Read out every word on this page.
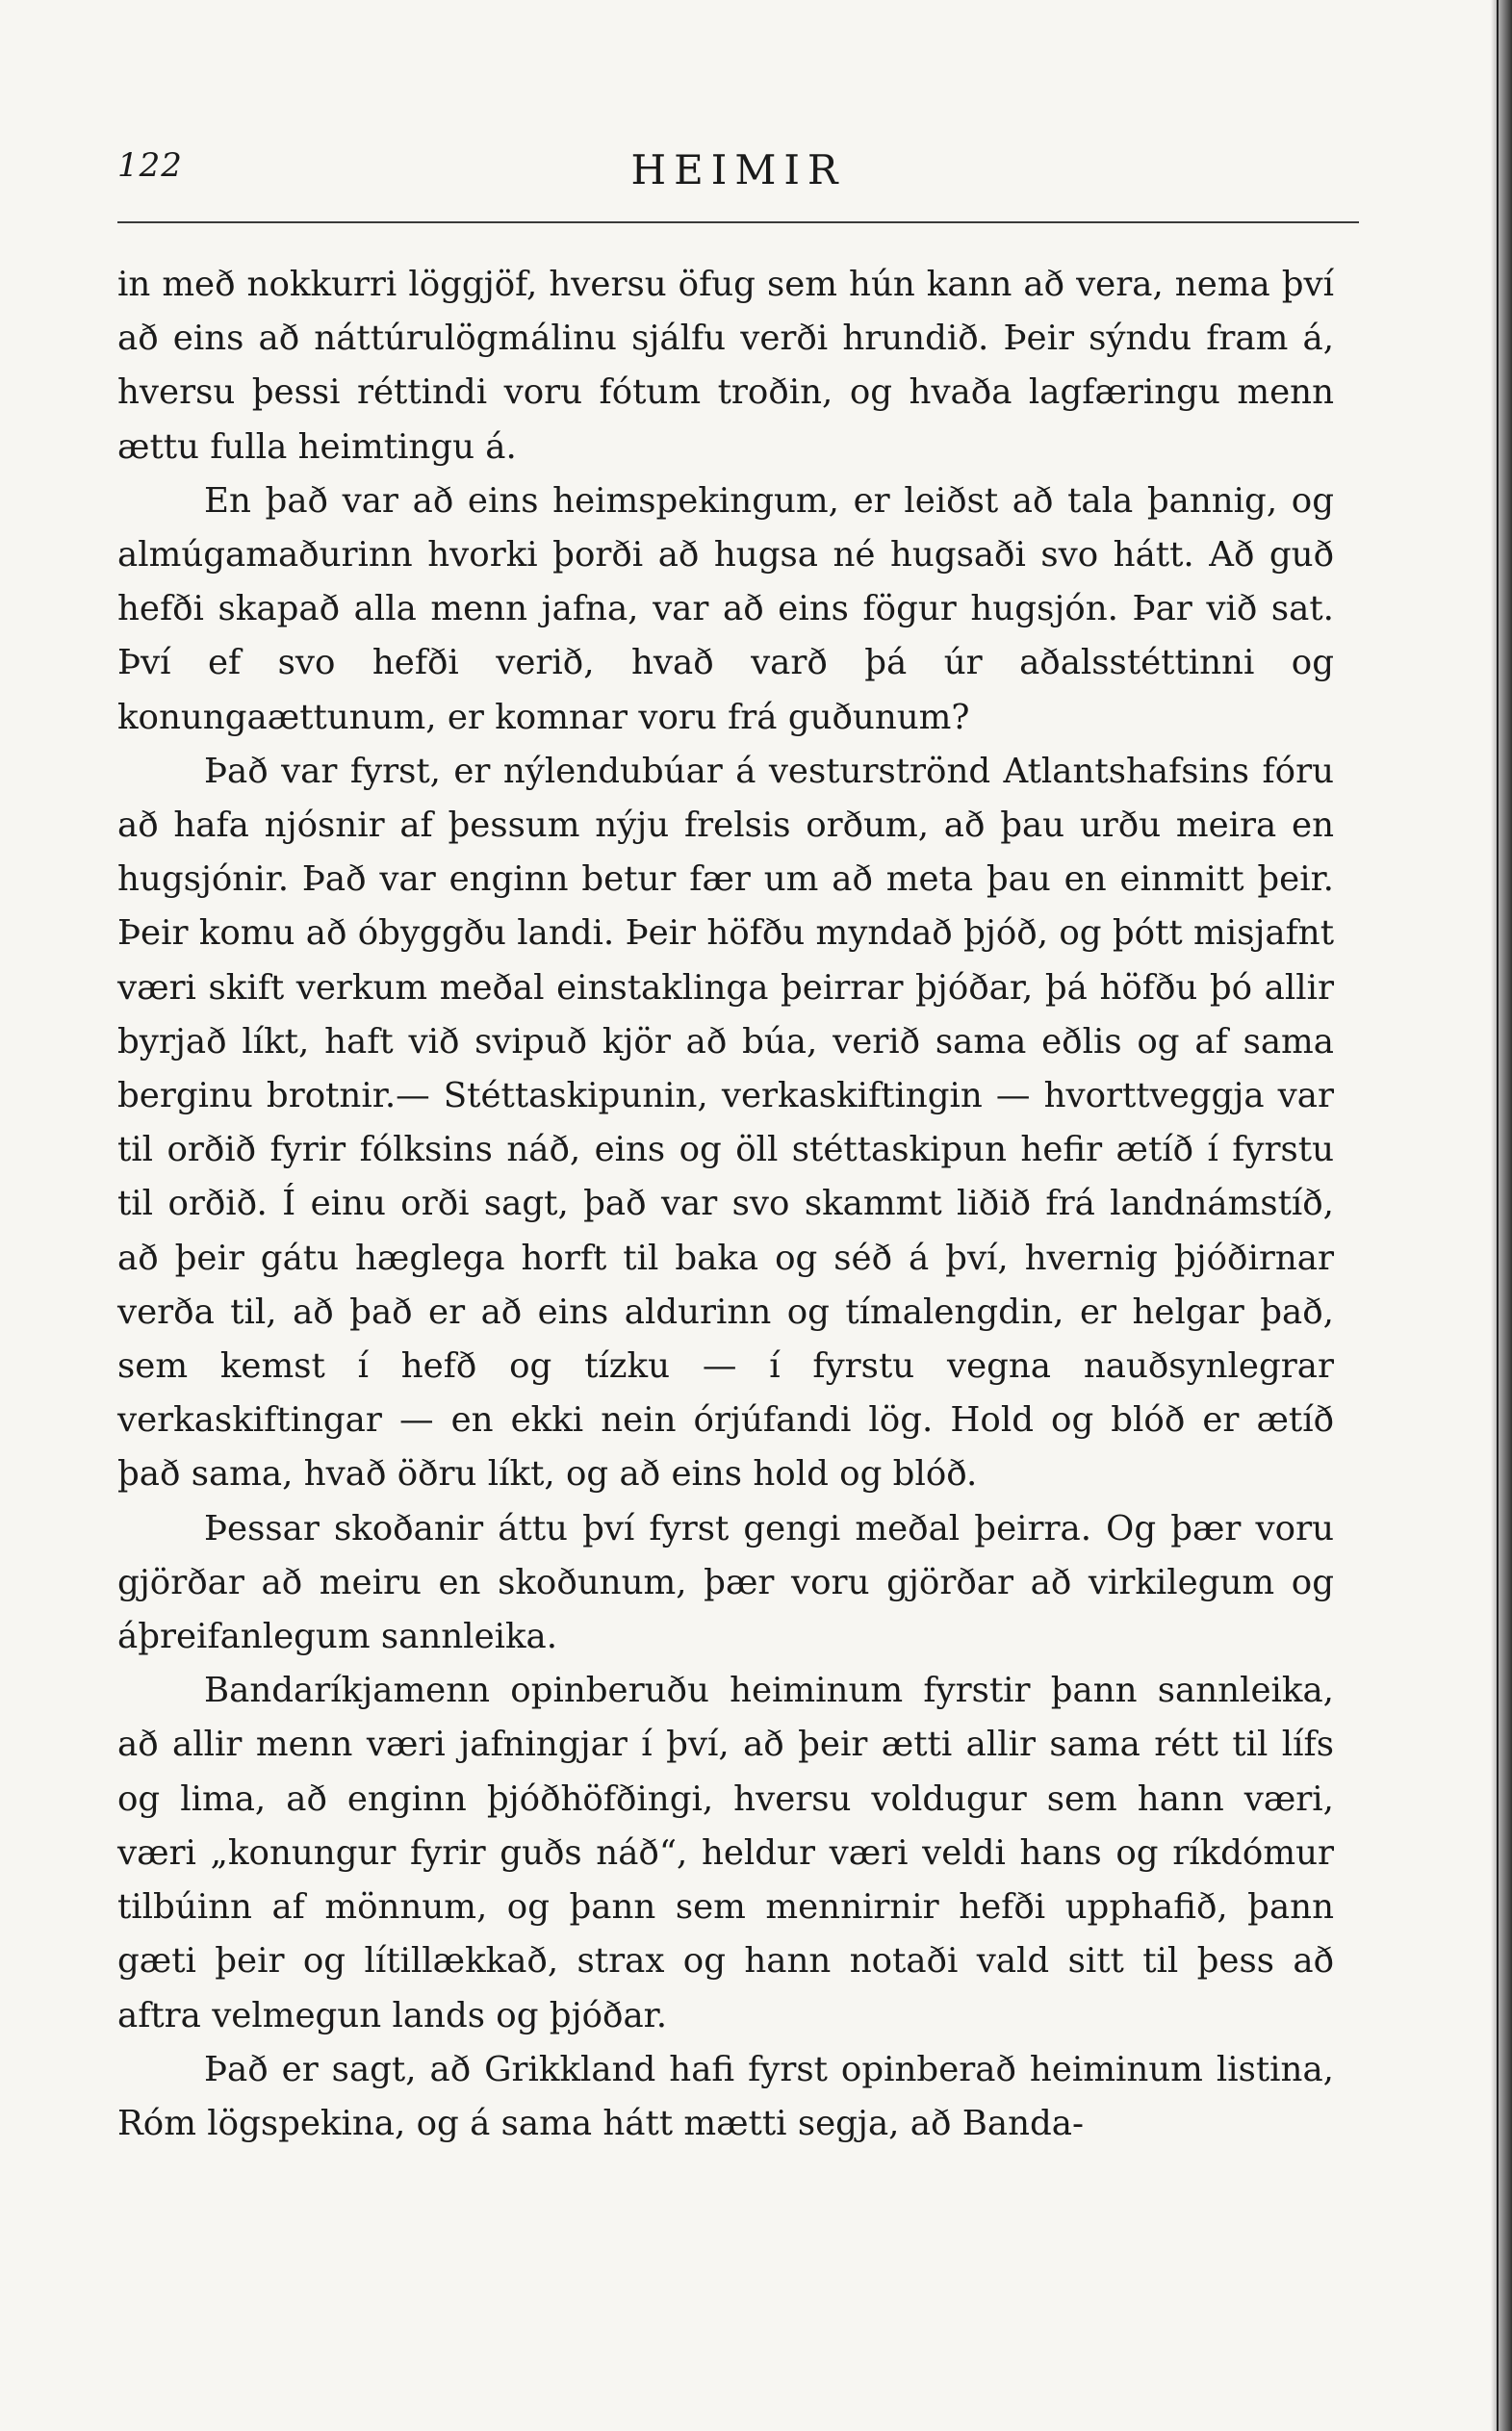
122	HEIMIR

in með nokkurri löggjöf, hversu öfug sem hún kann að vera, nema því að eins að náttúrulögmálinu sjálfu verði hrundið. Þeir sýndu fram á, hversu þessi réttindi voru fótum troðin, og hvaða lagfæringu menn ættu fulla heimtingu á.

En það var að eins heimspekingum, er leiðst að tala þannig, og almúgamaðurinn hvorki þorði að hugsa né hugsaði svo hátt. Að guð hefði skapað alla menn jafna, var að eins fögur hugsjón. Þar við sat. Því ef svo hefði verið, hvað varð þá úr aðalsstéttinni og konungaættunum, er komnar voru frá guðunum?

Það var fyrst, er nýlendubúar á vesturströnd Atlantshafsins fóru að hafa njósnir af þessum nýju frelsis orðum, að þau urðu meira en hugsjónir. Það var enginn betur fær um að meta þau en einmitt þeir. Þeir komu að óbyggðu landi. Þeir höfðu myndað þjóð, og þótt misjafnt væri skift verkum meðal einstaklinga þeirrar þjóðar, þá höfðu þó allir byrjað líkt, haft við svipuð kjör að búa, verið sama eðlis og af sama berginu brotnir.— Stéttaskipunin, verkaskiftingin — hvorttveggja var til orðið fyrir fólksins náð, eins og öll stéttaskipun hefir ætíð í fyrstu til orðið. Í einu orði sagt, það var svo skammt liðið frá landnámstíð, að þeir gátu hæglega horft til baka og séð á því, hvernig þjóðirnar verða til, að það er að eins aldurinn og tímalengdin, er helgar það, sem kemst í hefð og tízku — í fyrstu vegna nauðsynlegrar verkaskiftingar — en ekki nein órjúfandi lög. Hold og blóð er ætíð það sama, hvað öðru líkt, og að eins hold og blóð.

Þessar skoðanir áttu því fyrst gengi meðal þeirra. Og þær voru gjörðar að meiru en skoðunum, þær voru gjörðar að virkilegum og áþreifanlegum sannleika.

Bandaríkjamenn opinberuðu heiminum fyrstir þann sannleika, að allir menn væri jafningjar í því, að þeir ætti allir sama rétt til lífs og lima, að enginn þjóðhöfðingi, hversu voldugur sem hann væri, væri „konungur fyrir guðs náð“, heldur væri veldi hans og ríkdómur tilbúinn af mönnum, og þann sem mennirnir hefði upphafið, þann gæti þeir og lítillækkað, strax og hann notaði vald sitt til þess að aftra velmegun lands og þjóðar.

Það er sagt, að Grikkland hafi fyrst opinberað heiminum listina, Róm lögspekina, og á sama hátt mætti segja, að Banda-
